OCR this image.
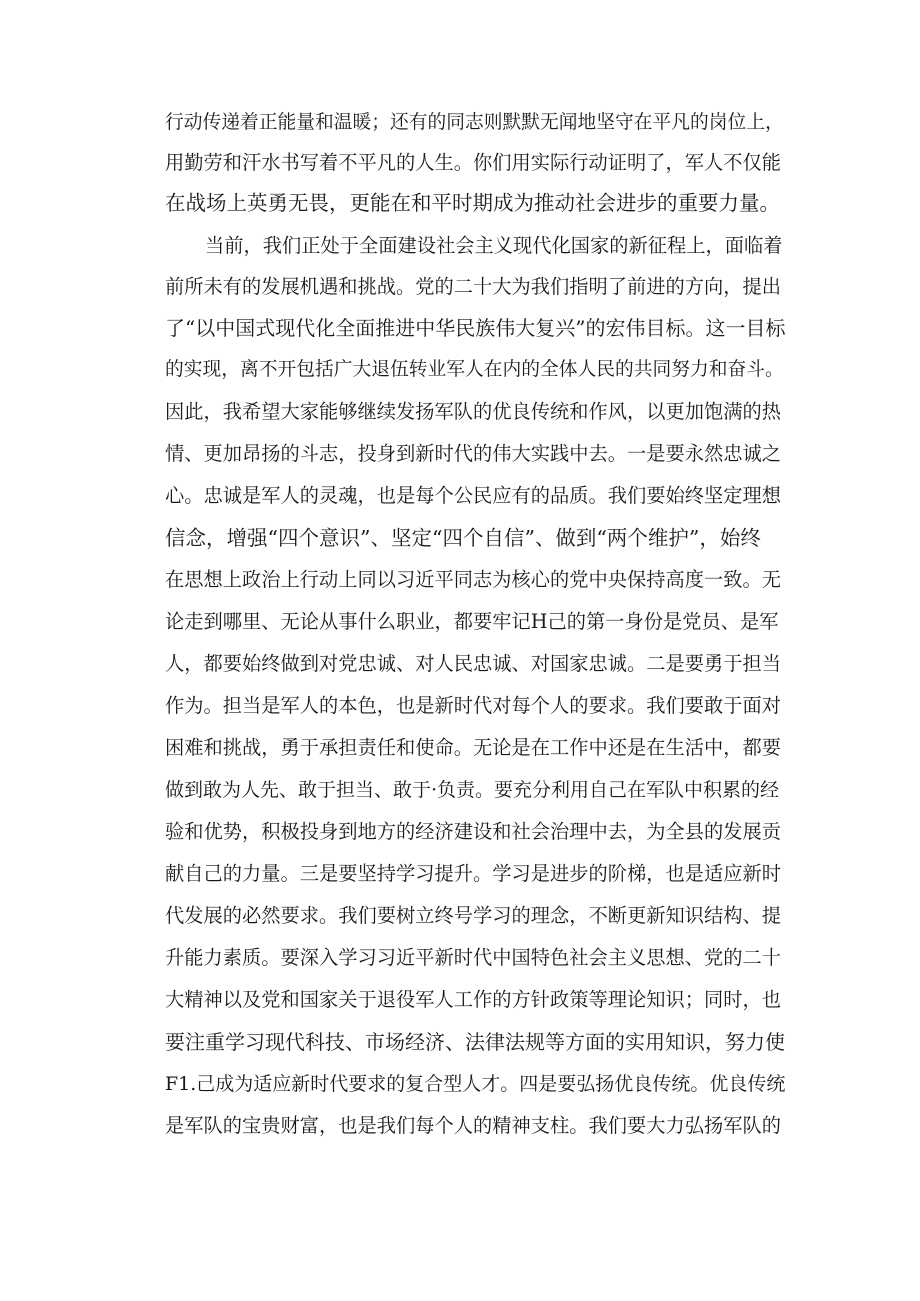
行动传递着正能量和温暖；还有的同志则默默无闻地坚守在平凡的岗位上，
用勤劳和汗水书写着不平凡的人生。你们用实际行动证明了，军人不仅能
在战场上英勇无畏，更能在和平时期成为推动社会进步的重要力量。
当前，我们正处于全面建设社会主义现代化国家的新征程上，面临着
前所未有的发展机遇和挑战。党的二十大为我们指明了前进的方向，提出
了“以中国式现代化全面推进中华民族伟大复兴”的宏伟目标。这一目标
的实现，离不开包括广大退伍转业军人在内的全体人民的共同努力和奋斗。
因此，我希望大家能够继续发扬军队的优良传统和作风，以更加饱满的热
情、更加昂扬的斗志，投身到新时代的伟大实践中去。一是要永然忠诚之
心。忠诚是军人的灵魂，也是每个公民应有的品质。我们要始终坚定理想
信念，增强“四个意识”、坚定“四个自信”、做到“两个维护”，始终
在思想上政治上行动上同以习近平同志为核心的党中央保持高度一致。无
论走到哪里、无论从事什么职业，都要牢记H己的第一身份是党员、是军
人，都要始终做到对党忠诚、对人民忠诚、对国家忠诚。二是要勇于担当
作为。担当是军人的本色，也是新时代对每个人的要求。我们要敢于面对
困难和挑战，勇于承担责任和使命。无论是在工作中还是在生活中，都要
做到敢为人先、敢于担当、敢于·负责。要充分利用自己在军队中积累的经
验和优势，积极投身到地方的经济建设和社会治理中去，为全县的发展贡
献自己的力量。三是要坚持学习提升。学习是进步的阶梯，也是适应新时
代发展的必然要求。我们要树立终号学习的理念，不断更新知识结构、提
升能力素质。要深入学习习近平新时代中国特色社会主义思想、党的二十
大精神以及党和国家关于退役军人工作的方针政策等理论知识；同时，也
要注重学习现代科技、市场经济、法律法规等方面的实用知识，努力使
F1.己成为适应新时代要求的复合型人才。四是要弘扬优良传统。优良传统
是军队的宝贵财富，也是我们每个人的精神支柱。我们要大力弘扬军队的
